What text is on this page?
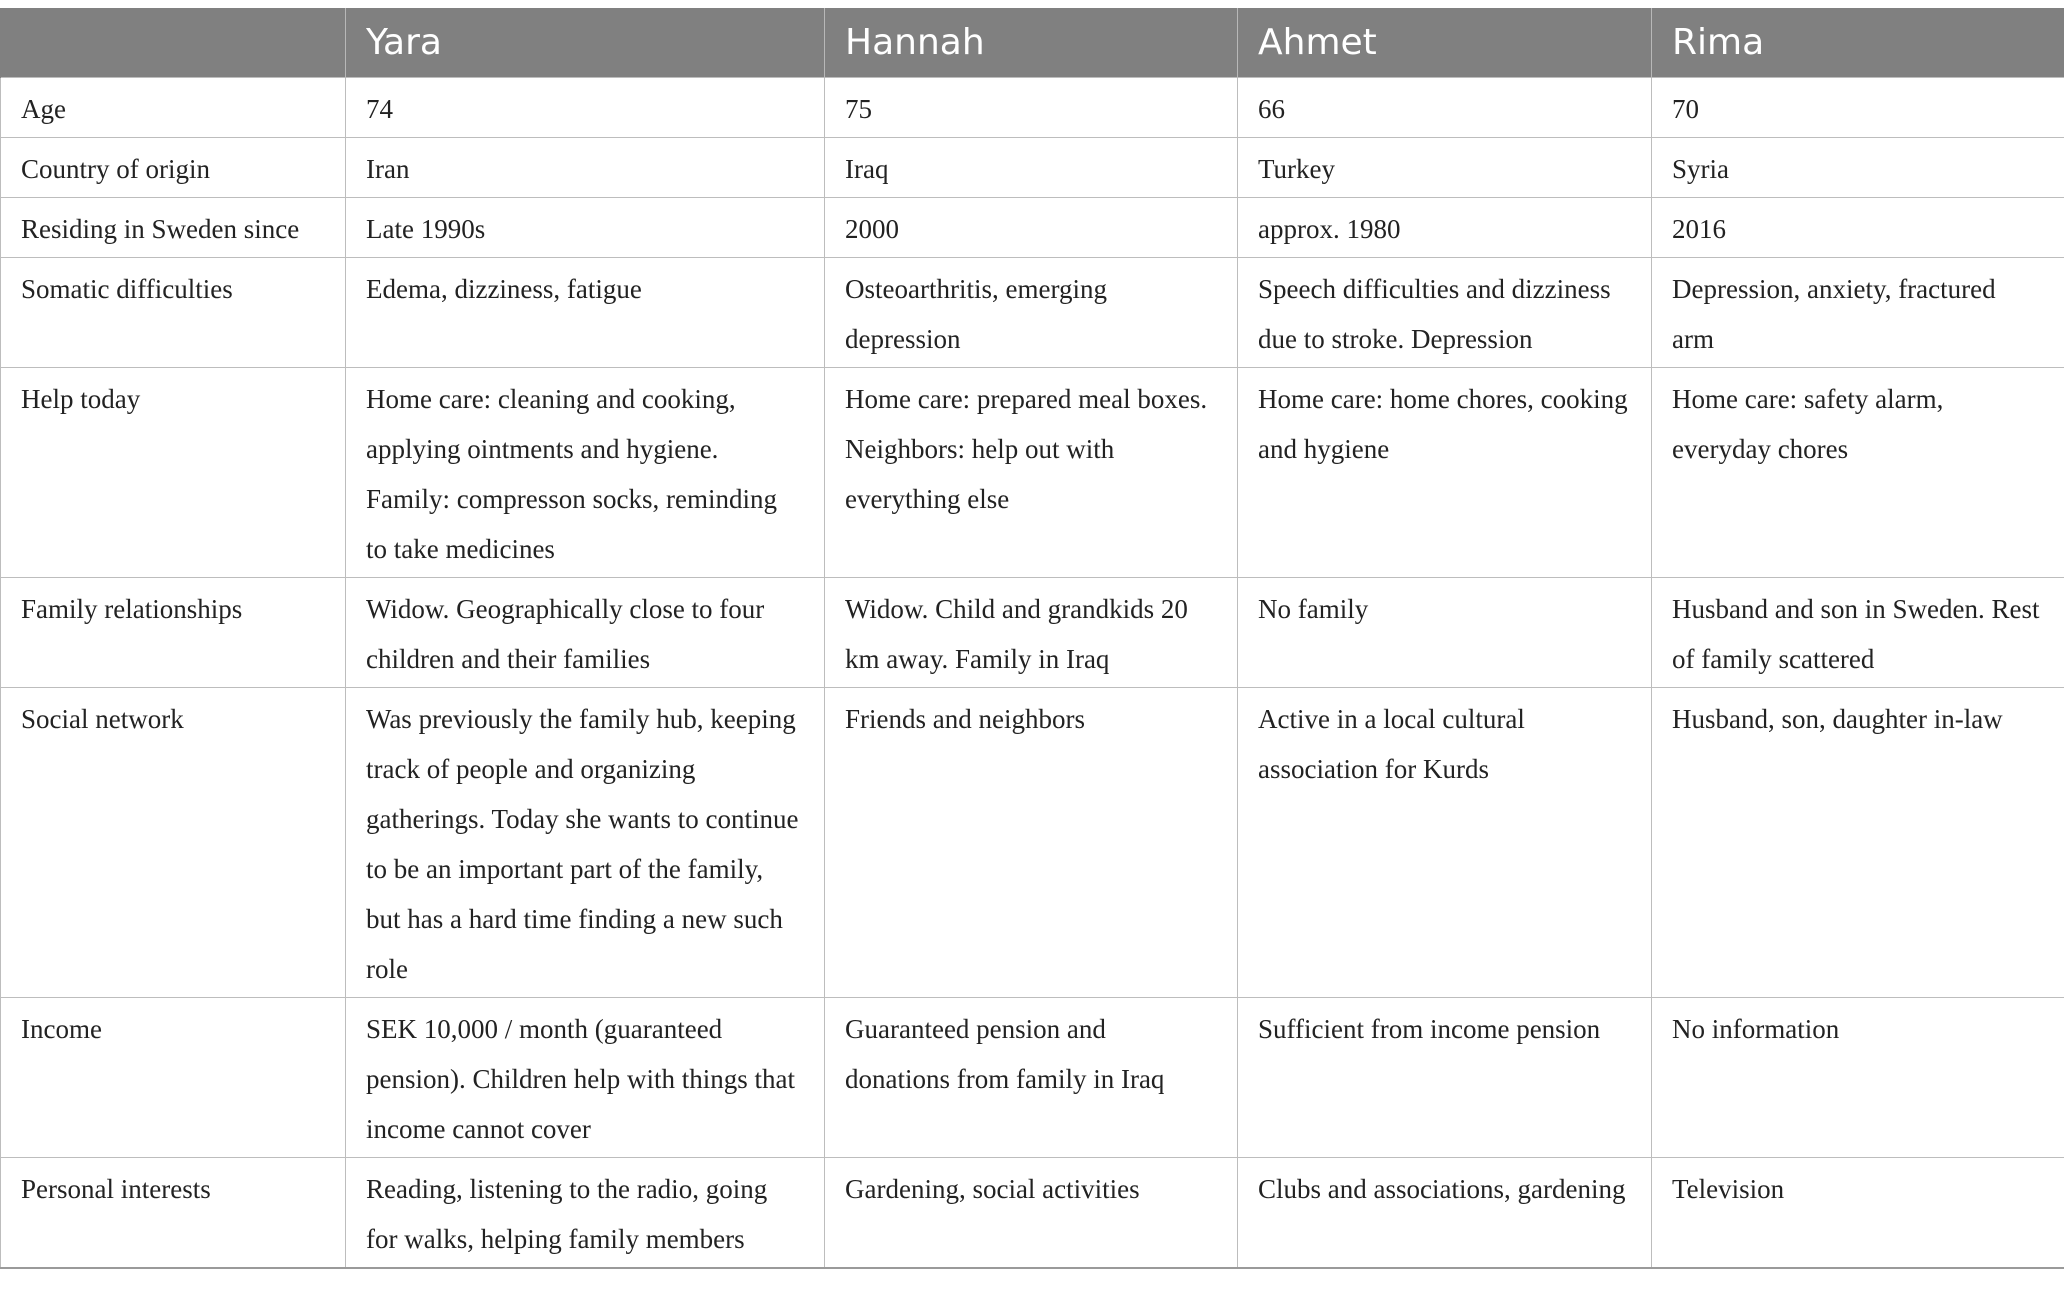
	Yara	Hannah	Ahmet	Rima
Age	74	75	66	70
Country of origin	Iran	Iraq	Turkey	Syria
Residing in Sweden since	Late 1990s	2000	approx. 1980	2016
Somatic difficulties	Edema, dizziness, fatigue	Osteoarthritis, emerging depression	Speech difficulties and dizziness due to stroke. Depression	Depression, anxiety, fractured arm
Help today	Home care: cleaning and cooking, applying ointments and hygiene. Family: compresson socks, reminding to take medicines	Home care: prepared meal boxes. Neighbors: help out with everything else	Home care: home chores, cooking and hygiene	Home care: safety alarm, everyday chores
Family relationships	Widow. Geographically close to four children and their families	Widow. Child and grandkids 20 km away. Family in Iraq	No family	Husband and son in Sweden. Rest of family scattered
Social network	Was previously the family hub, keeping track of people and organizing gatherings. Today she wants to continue to be an important part of the family, but has a hard time finding a new such role	Friends and neighbors	Active in a local cultural association for Kurds	Husband, son, daughter in-law
Income	SEK 10,000 / month (guaranteed pension). Children help with things that income cannot cover	Guaranteed pension and donations from family in Iraq	Sufficient from income pension	No information
Personal interests	Reading, listening to the radio, going for walks, helping family members	Gardening, social activities	Clubs and associations, gardening	Television
